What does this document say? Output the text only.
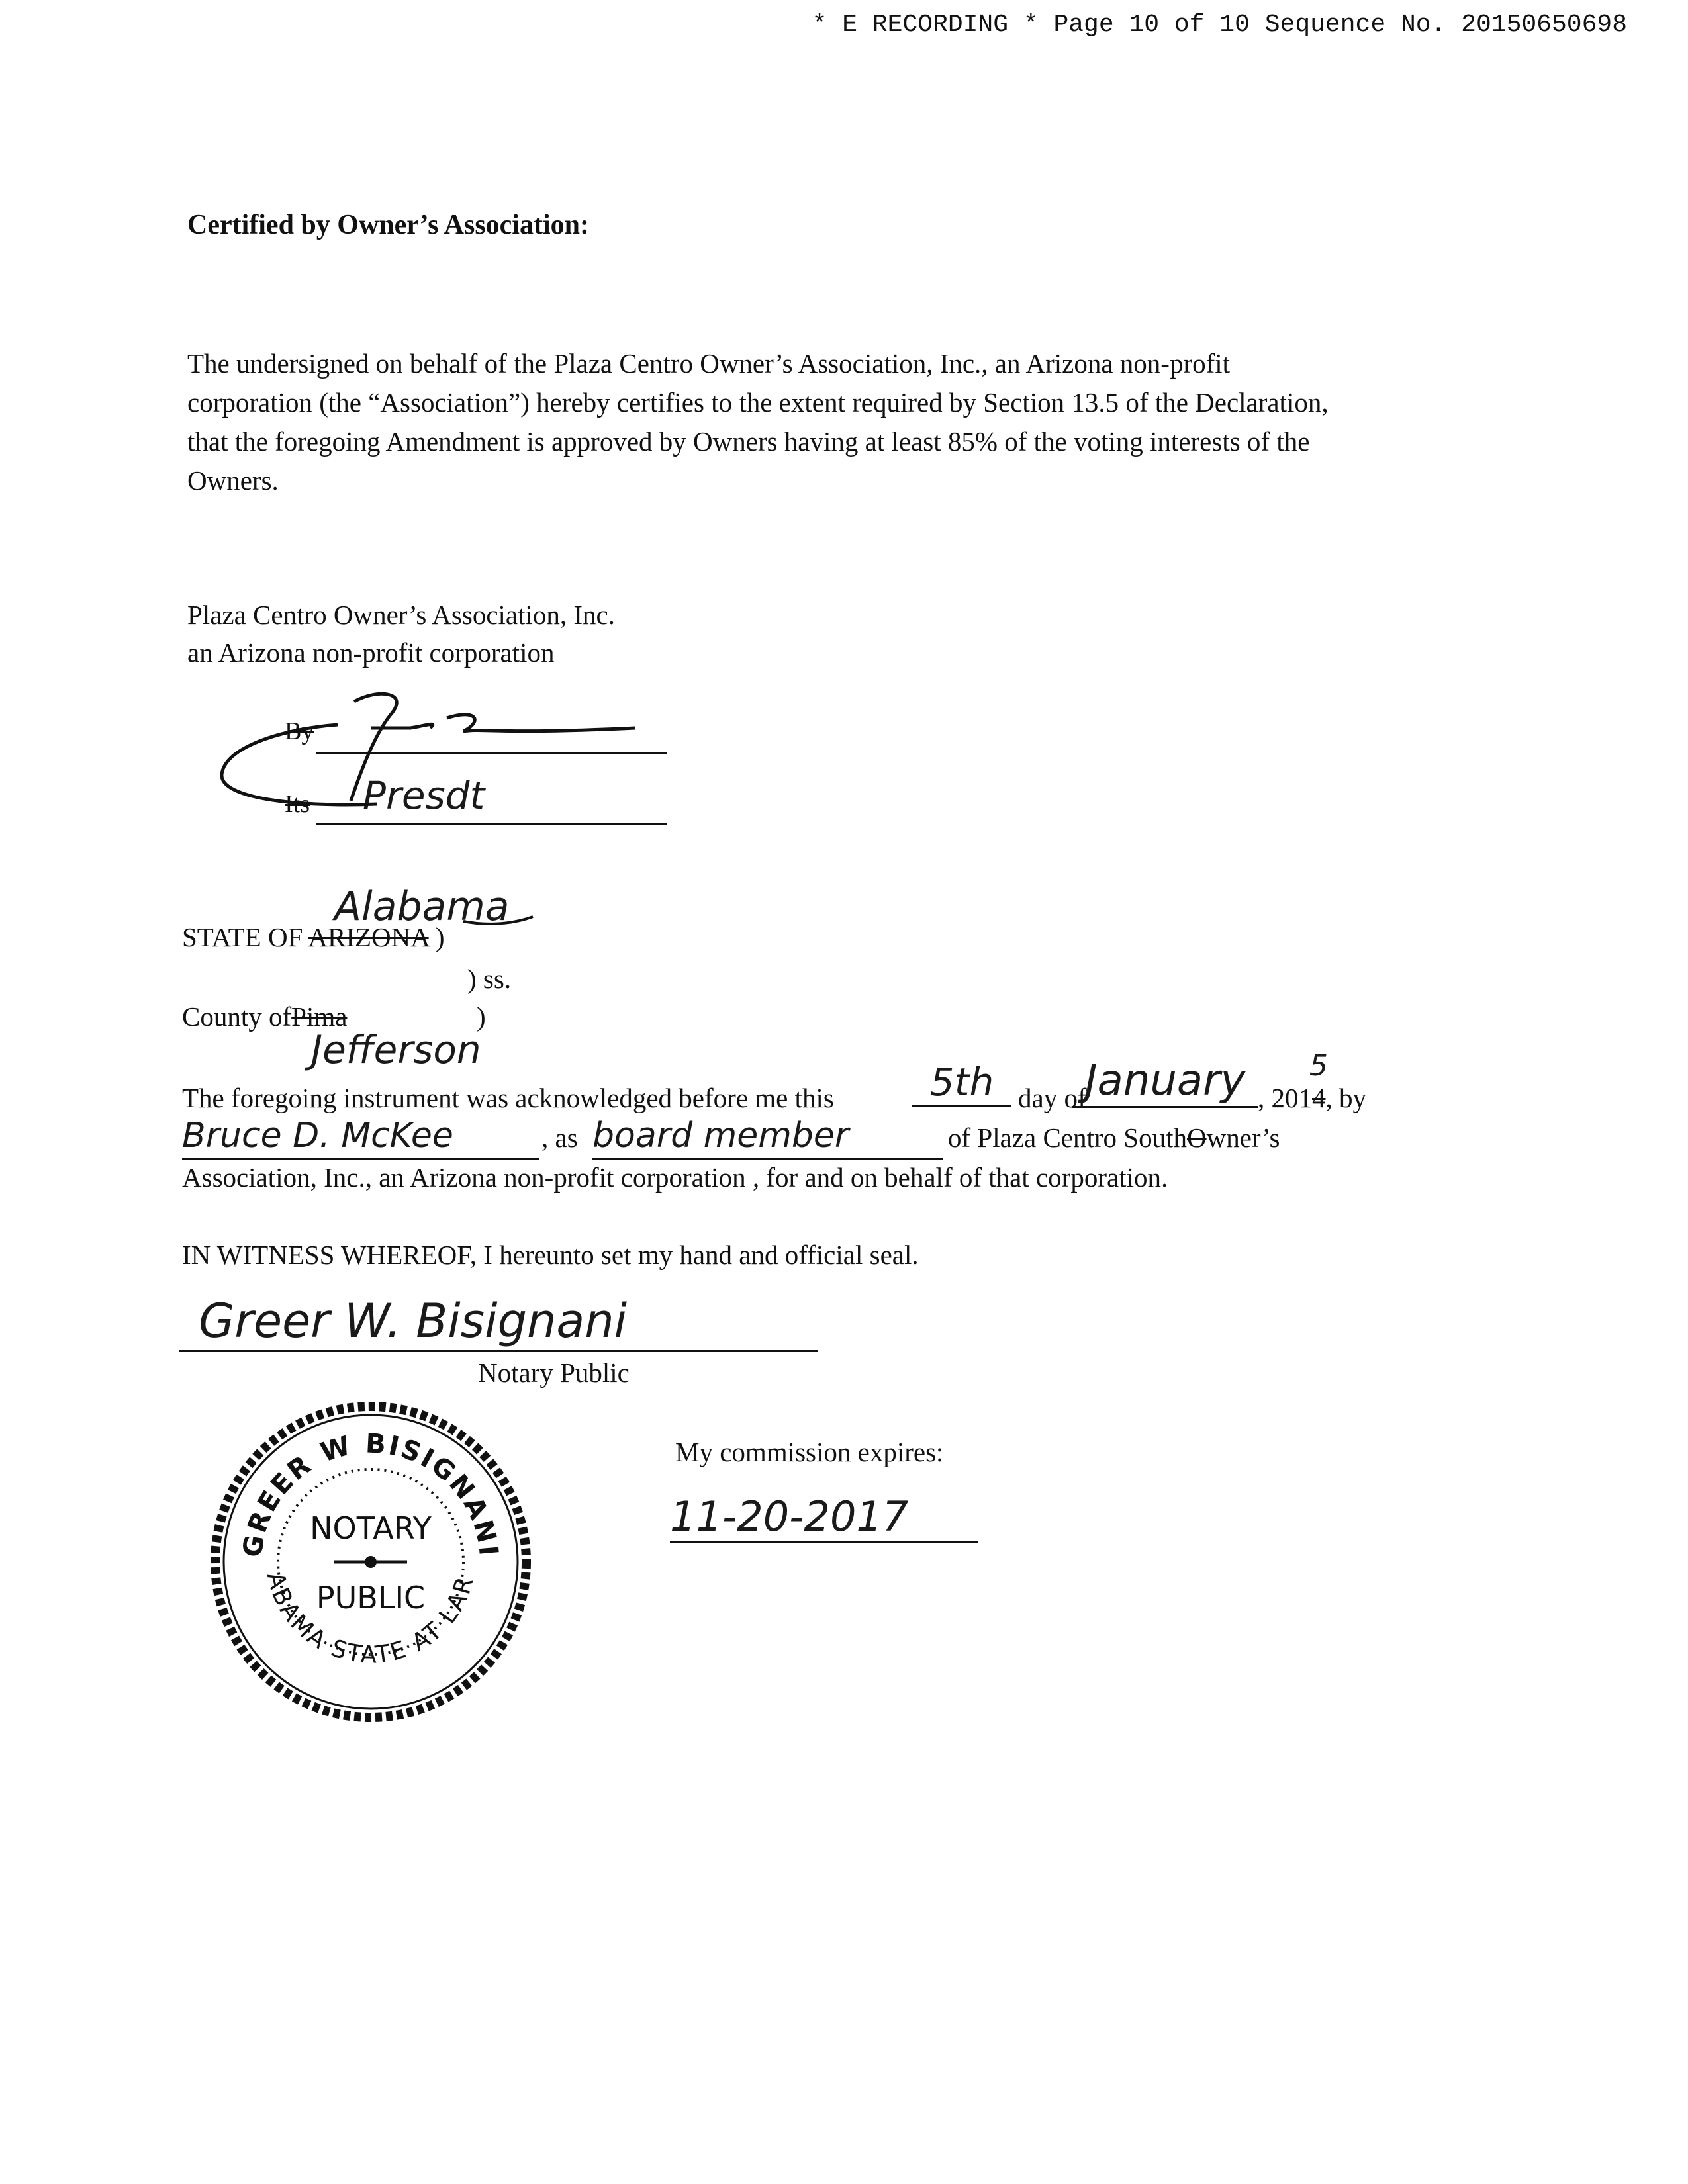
* E RECORDING * Page 10 of 10 Sequence No. 20150650698
Certified by Owner’s Association:
The undersigned on behalf of the Plaza Centro Owner’s Association, Inc., an Arizona non-profit
corporation (the “Association”) hereby certifies to the extent required by Section 13.5 of the Declaration,
that the foregoing Amendment is approved by Owners having at least 85% of the voting interests of the
Owners.
Plaza Centro Owner’s Association, Inc.
an Arizona non-profit corporation
By
Its Presdt
Alabama
STATE OF ARIZONA )
) ss.
County ofPima	)
Jefferson
The foregoing instrument was acknowledged before me this	5th day of
January , 2014, by
5
Bruce D. McKee	, as board member	of Plaza Centro SouthOwner’s
Association, Inc., an Arizona non-profit corporation , for and on behalf of that corporation.
IN WITNESS WHEREOF, I hereunto set my hand and official seal.
Greer W. Bisignani
Notary Public
My commission expires:
11-20-2017
GREER W BISIGNANI
ALABAMA STATE AT LARGE
NOTARY
PUBLIC
